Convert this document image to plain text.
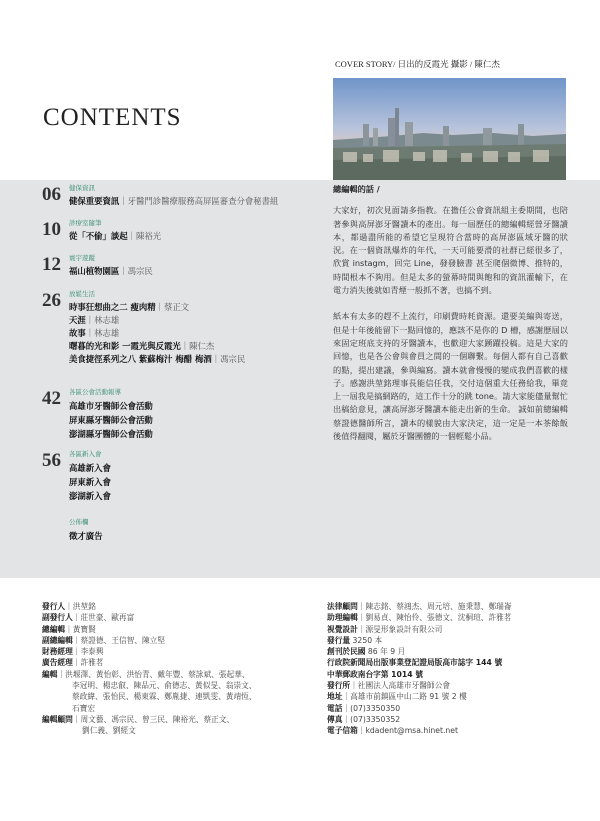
COVER STORY/ 日出的反霞光 攝影 / 陳仁杰
CONTENTS
06 健保資訊
健保重要資訊｜牙醫門診醫療服務高屏區審查分會秘書組
10 診療室隨筆
從「不偷」談起｜陳裕光
12 寰宇遊蹤
福山植物園區｜馮宗民
26 放鬆生活
時事狂想曲之二 瘦肉精｜蔡正文
天涯｜林志雄
故事｜林志雄
曙暮的光和影 一霞光與反霞光｜陳仁杰
美食捷徑系列之八 紫蘇梅汁 梅醋 梅酒｜馮宗民
42 各區公會活動報導
高雄市牙醫師公會活動
屏東縣牙醫師公會活動
澎湖縣牙醫師公會活動
56 各區新入會
高雄新入會
屏東新入會
澎湖新入會
公佈欄
徵才廣告
總編輯的話 /

大家好，初次見面請多指教。在擔任公會資訊組主委期間，也陪著參與高屏澎牙醫讀本的產出。每一屆歷任的總編輯經營牙醫讀本，都過盡所能的希望它呈現符合當時的高屏澎區域牙醫的狀況。在一個資訊爆炸的年代，一天可能要滑的社群已經很多了，欣賞 instagm，回完 Line，發發臉書 甚至爬個微博、推特的，時間根本不夠用。但是太多的螢幕時間與飽和的資訊灌輸下，在電力消失後就如青煙一般抓不著，也搞不到。

紙本有太多的趕不上流行，印刷費時耗資源。還要美編與寄送，但是十年後能留下一點回憶的，應該不是你的 D 槽，感謝歷屆以來固定班底支持的牙醫讀本，也歡迎大家踴躍投稿。這是大家的回憶，也是各公會與會員之間的一個聯繫。每個人都有自己喜歡的點，提出建議，參與編寫。讀本就會慢慢的變成我們喜歡的樣子。感謝洪堃銘理事長能信任我，交付這個重大任務給我，畢竟上一屆我是搞網路的，這工作十分的跳 tone。請大家能儘量幫忙出稿給意見，讓高屏澎牙醫讀本能走出新的生命。 誠如前總編輯蔡證德醫師所言，讀本的樣貌由大家決定，這一定是一本茶餘飯後值得翻閱，屬於牙醫團體的一個輕鬆小品。

發行人 ｜ 洪堃銘
副發行人 ｜ 莊世豪、歐再富
總編輯 ｜ 黃寶賢
副總編輯 ｜ 蔡證德、王信智、陳立堅
財務經理 ｜ 李泰興
廣告經理 ｜ 許雅茗
編輯 ｜ 洪堰澤、黃怡彰、洪怡青、戴年豐、蔡詠斌、張起華、
李冠明、楊忠叡、陳品元、俞德志、黃似旻、翁崇文、
蔡政緯、張怡民、楊東霖、鄭胤捷、連凱雯、黃靖恆、
石寶宏
編輯顧問 ｜ 周文藝、馮宗民、曾三民、陳裕光、蔡正文、
劉仁義、劉經文
法律顧問 ｜ 陳志銘、蔡鴻杰、周元培、施秉慧、鄭瑞崙
助理編輯 ｜ 劉易貞、陳怡伶、張德文、沈桐瑄、許雅茗
視覺設計 ｜ 源旻形象設計有限公司
發行量
3250 本
創刊於民國
86 年 9 月
行政院新聞局出版事業登記證局版高市誌字 144 號
中華郵政南台字第 1014 號
發行所 ｜ 社團法人高雄市牙醫師公會
地址 ｜ 高雄市前鎮區中山二路 91 號 2 樓
電話 ｜ (07)3350350
傳真 ｜ (07)3350352
電子信箱 ｜ kdadent@msa.hinet.net
